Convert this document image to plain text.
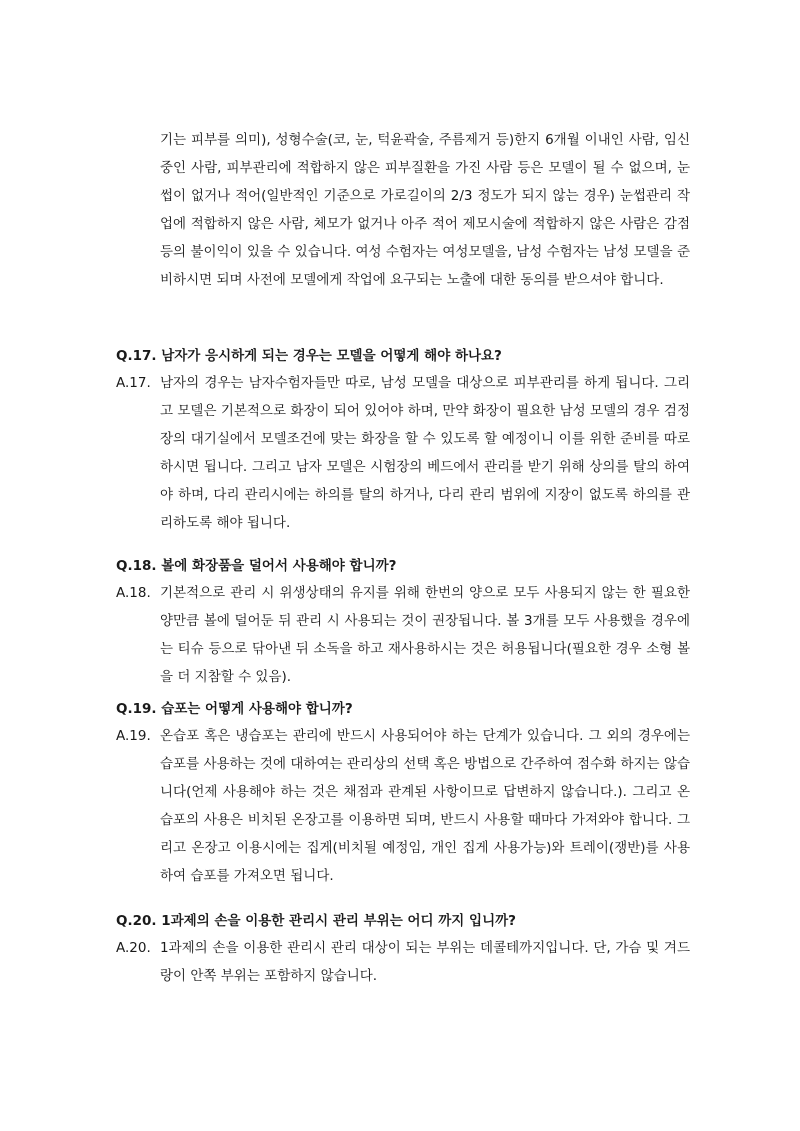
기는 피부를 의미), 성형수술(코, 눈, 턱윤곽술, 주름제거 등)한지 6개월 이내인 사람, 임신 중인 사람, 피부관리에 적합하지 않은 피부질환을 가진 사람 등은 모델이 될 수 없으며, 눈썹이 없거나 적어(일반적인 기준으로 가로길이의 2/3 정도가 되지 않는 경우) 눈썹관리 작업에 적합하지 않은 사람, 체모가 없거나 아주 적어 제모시술에 적합하지 않은 사람은 감점 등의 불이익이 있을 수 있습니다. 여성 수험자는 여성모델을, 남성 수험자는 남성 모델을 준비하시면 되며 사전에 모델에게 작업에 요구되는 노출에 대한 동의를 받으셔야 합니다.

Q.17. 남자가 응시하게 되는 경우는 모델을 어떻게 해야 하나요?

A.17. 남자의 경우는 남자수험자들만 따로, 남성 모델을 대상으로 피부관리를 하게 됩니다. 그리고 모델은 기본적으로 화장이 되어 있어야 하며, 만약 화장이 필요한 남성 모델의 경우 검정장의 대기실에서 모델조건에 맞는 화장을 할 수 있도록 할 예정이니 이를 위한 준비를 따로 하시면 됩니다. 그리고 남자 모델은 시험장의 베드에서 관리를 받기 위해 상의를 탈의 하여야 하며, 다리 관리시에는 하의를 탈의 하거나, 다리 관리 범위에 지장이 없도록 하의를 관리하도록 해야 됩니다.

Q.18. 볼에 화장품을 덜어서 사용해야 합니까?

A.18. 기본적으로 관리 시 위생상태의 유지를 위해 한번의 양으로 모두 사용되지 않는 한 필요한 양만큼 볼에 덜어둔 뒤 관리 시 사용되는 것이 권장됩니다. 볼 3개를 모두 사용했을 경우에는 티슈 등으로 닦아낸 뒤 소독을 하고 재사용하시는 것은 허용됩니다(필요한 경우 소형 볼을 더 지참할 수 있음).

Q.19. 습포는 어떻게 사용해야 합니까?

A.19. 온습포 혹은 냉습포는 관리에 반드시 사용되어야 하는 단계가 있습니다. 그 외의 경우에는 습포를 사용하는 것에 대하여는 관리상의 선택 혹은 방법으로 간주하여 점수화 하지는 않습니다(언제 사용해야 하는 것은 채점과 관계된 사항이므로 답변하지 않습니다.). 그리고 온습포의 사용은 비치된 온장고를 이용하면 되며, 반드시 사용할 때마다 가져와야 합니다. 그리고 온장고 이용시에는 집게(비치될 예정임, 개인 집게 사용가능)와 트레이(쟁반)를 사용하여 습포를 가져오면 됩니다.

Q.20. 1과제의 손을 이용한 관리시 관리 부위는 어디 까지 입니까?

A.20. 1과제의 손을 이용한 관리시 관리 대상이 되는 부위는 데콜테까지입니다. 단, 가슴 및 겨드랑이 안쪽 부위는 포함하지 않습니다.
